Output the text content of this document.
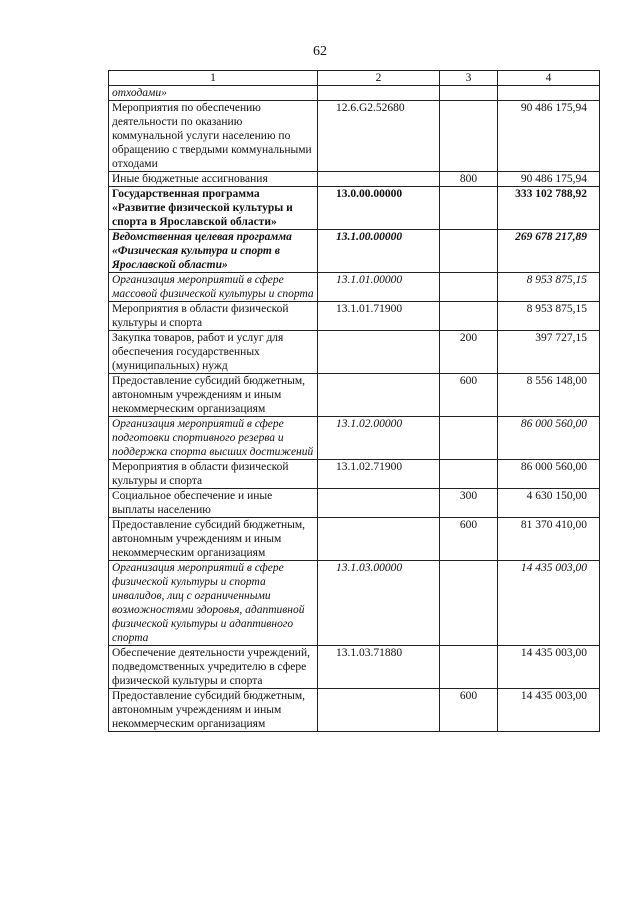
62
1	2	3	4
отходами»			
Мероприятия по обеспечению деятельности по оказанию коммунальной услуги населению по обращению с твердыми коммунальными отходами	12.6.G2.52680		90 486 175,94
Иные бюджетные ассигнования		800	90 486 175,94
Государственная программа «Развитие физической культуры и спорта в Ярославской области»	13.0.00.00000		333 102 788,92
Ведомственная целевая программа «Физическая культура и спорт в Ярославской области»	13.1.00.00000		269 678 217,89
Организация мероприятий в сфере массовой физической культуры и спорта	13.1.01.00000		8 953 875,15
Мероприятия в области физической культуры и спорта	13.1.01.71900		8 953 875,15
Закупка товаров, работ и услуг для обеспечения государственных (муниципальных) нужд		200	397 727,15
Предоставление субсидий бюджетным, автономным учреждениям и иным некоммерческим организациям		600	8 556 148,00
Организация мероприятий в сфере подготовки спортивного резерва и поддержка спорта высших достижений	13.1.02.00000		86 000 560,00
Мероприятия в области физической культуры и спорта	13.1.02.71900		86 000 560,00
Социальное обеспечение и иные выплаты населению		300	4 630 150,00
Предоставление субсидий бюджетным, автономным учреждениям и иным некоммерческим организациям		600	81 370 410,00
Организация мероприятий в сфере физической культуры и спорта инвалидов, лиц с ограниченными возможностями здоровья, адаптивной физической культуры и адаптивного спорта	13.1.03.00000		14 435 003,00
Обеспечение деятельности учреждений, подведомственных учредителю в сфере физической культуры и спорта	13.1.03.71880		14 435 003,00
Предоставление субсидий бюджетным, автономным учреждениям и иным некоммерческим организациям		600	14 435 003,00
